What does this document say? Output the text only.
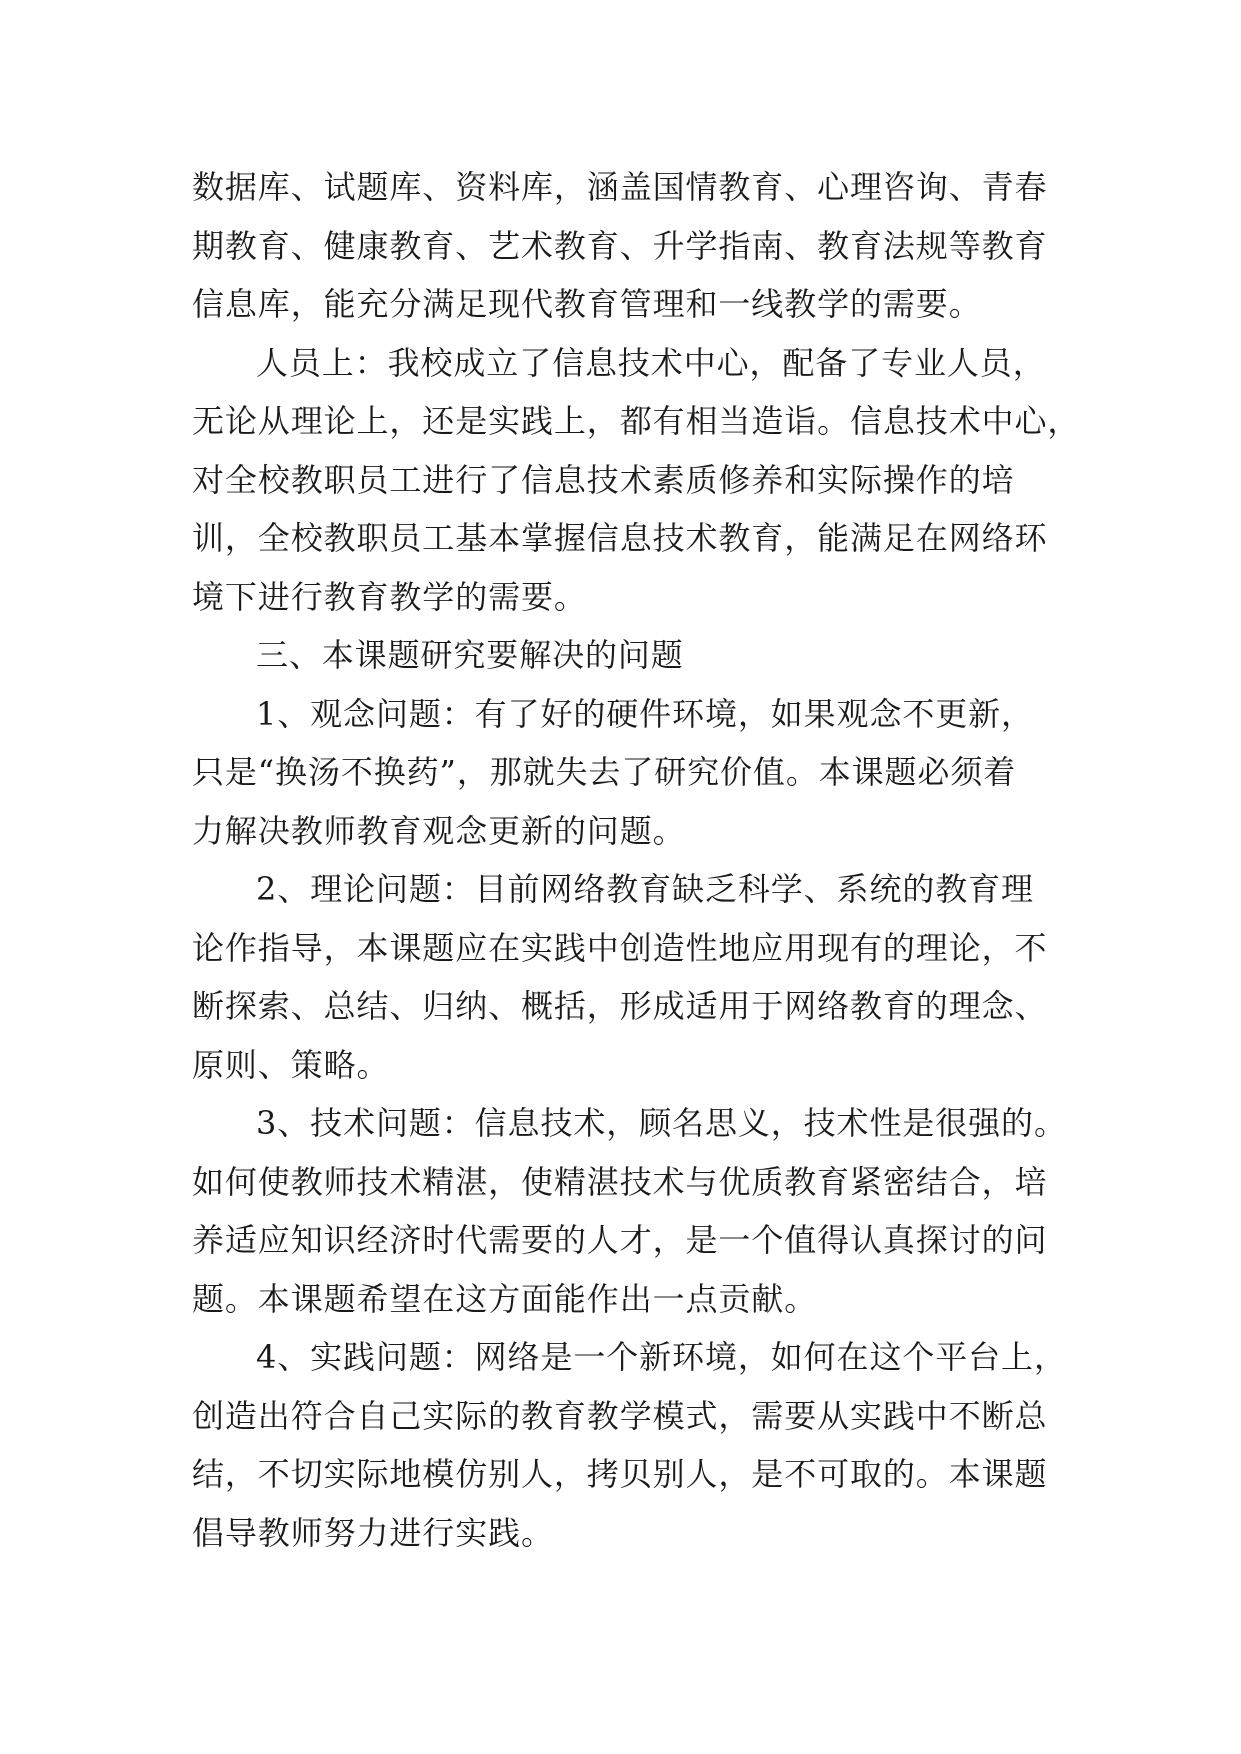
数据库、试题库、资料库，涵盖国情教育、心理咨询、青春
期教育、健康教育、艺术教育、升学指南、教育法规等教育
信息库，能充分满足现代教育管理和一线教学的需要。
人员上：我校成立了信息技术中心，配备了专业人员，
无论从理论上，还是实践上，都有相当造诣。信息技术中心，
对全校教职员工进行了信息技术素质修养和实际操作的培
训，全校教职员工基本掌握信息技术教育，能满足在网络环
境下进行教育教学的需要。
三、本课题研究要解决的问题
1、观念问题：有了好的硬件环境，如果观念不更新，
只是“换汤不换药”，那就失去了研究价值。本课题必须着
力解决教师教育观念更新的问题。
2、理论问题：目前网络教育缺乏科学、系统的教育理
论作指导，本课题应在实践中创造性地应用现有的理论，不
断探索、总结、归纳、概括，形成适用于网络教育的理念、
原则、策略。
3、技术问题：信息技术，顾名思义，技术性是很强的。
如何使教师技术精湛，使精湛技术与优质教育紧密结合，培
养适应知识经济时代需要的人才，是一个值得认真探讨的问
题。本课题希望在这方面能作出一点贡献。
4、实践问题：网络是一个新环境，如何在这个平台上，
创造出符合自己实际的教育教学模式，需要从实践中不断总
结，不切实际地模仿别人，拷贝别人，是不可取的。本课题
倡导教师努力进行实践。
